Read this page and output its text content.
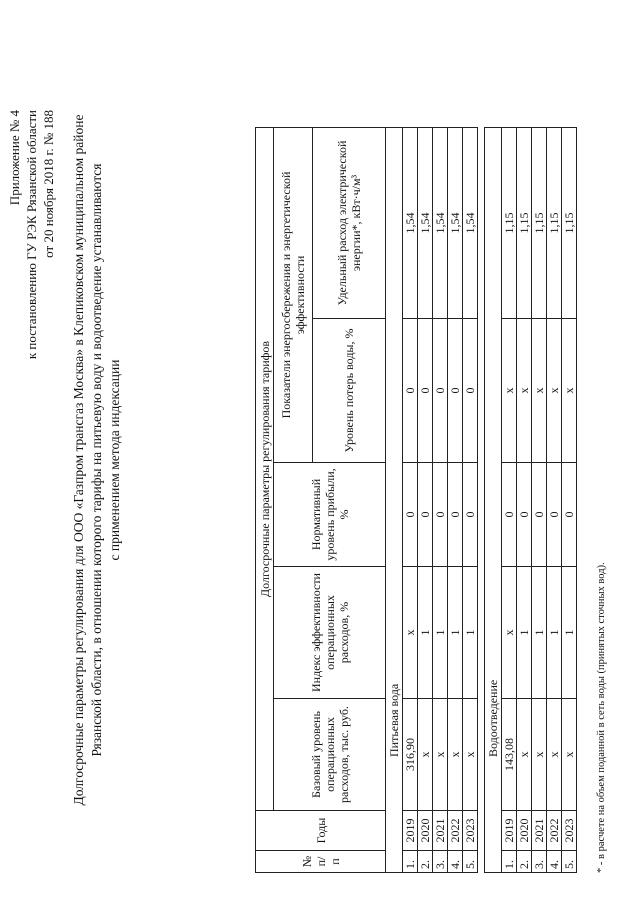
Приложение № 4 к постановлению ГУ РЭК Рязанской области от 20 ноября 2018 г. № 188 Долгосрочные параметры регулирования для ООО «Газпром трансгаз Москва» в Клепиковском муниципальном районе Рязанской области, в отношении которого тарифы на питьевую воду и водоотведение устанавливаются с применением метода индексации
№ п/п	Годы	Долгосрочные параметры регулирования тарифов				
		Базовый уровень операционных расходов, тыс. руб.	Индекс эффективности операционных расходов, %	Нормативный уровень прибыли, %	Показатели энергосбережения и энергетической эффективности	
					Уровень потерь воды, %	Удельный расход электрической энергии*, кВт·ч/м³
Питьевая вода						
1.	2019	316,90	x	0	0	1,54
2.	2020	x	1	0	0	1,54
3.	2021	x	1	0	0	1,54
4.	2022	x	1	0	0	1,54
5.	2023	x	1	0	0	1,54

Водоотведение						
1.	2019	143,08	x	0	x	1,15
2.	2020	x	1	0	x	1,15
3.	2021	x	1	0	x	1,15
4.	2022	x	1	0	x	1,15
5.	2023	x	1	0	x	1,15
* - в расчете на объем поданной в сеть воды (принятых сточных вод).
